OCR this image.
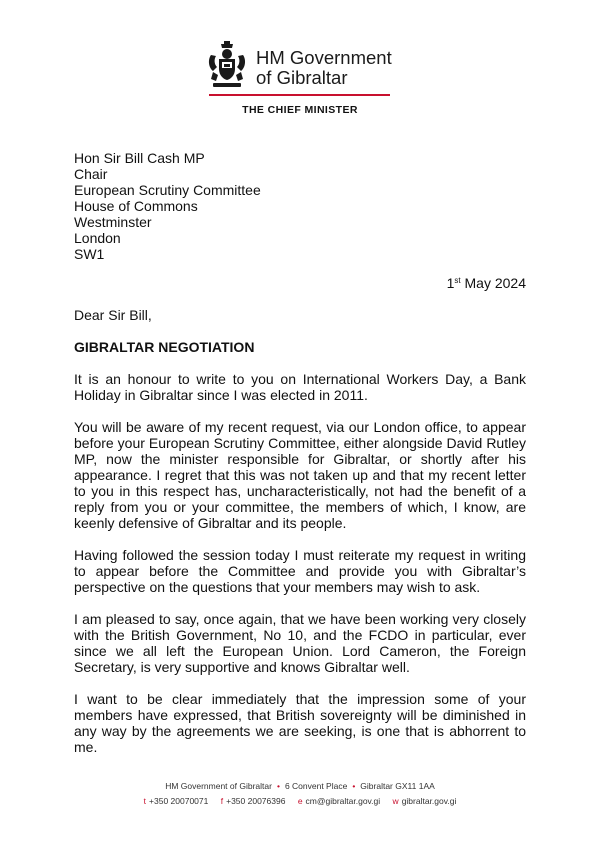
HM Government
of Gibraltar
THE CHIEF MINISTER
Hon Sir Bill Cash MP
Chair
European Scrutiny Committee
House of Commons
Westminster
London
SW1
1st May 2024
Dear Sir Bill,
GIBRALTAR NEGOTIATION
It is an honour to write to you on International Workers Day, a Bank Holiday in Gibraltar since I was elected in 2011.
You will be aware of my recent request, via our London office, to appear before your European Scrutiny Committee, either alongside David Rutley MP, now the minister responsible for Gibraltar, or shortly after his appearance. I regret that this was not taken up and that my recent letter to you in this respect has, uncharacteristically, not had the benefit of a reply from you or your committee, the members of which, I know, are keenly defensive of Gibraltar and its people.
Having followed the session today I must reiterate my request in writing to appear before the Committee and provide you with Gibraltar’s perspective on the questions that your members may wish to ask.
I am pleased to say, once again, that we have been working very closely with the British Government, No 10, and the FCDO in particular, ever since we all left the European Union. Lord Cameron, the Foreign Secretary, is very supportive and knows Gibraltar well.
I want to be clear immediately that the impression some of your members have expressed, that British sovereignty will be diminished in any way by the agreements we are seeking, is one that is abhorrent to me.
HM Government of Gibraltar • 6 Convent Place • Gibraltar GX11 1AA
t +350 20070071 f +350 20076396 e cm@gibraltar.gov.gi w gibraltar.gov.gi
